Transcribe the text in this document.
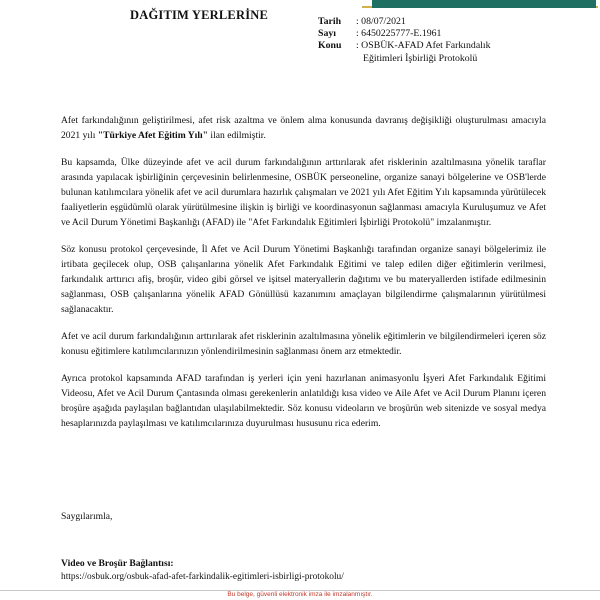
DAĞITIM YERLERİNE	Tarih	: 08/07/2021
Sayı	: 6450225777-E.1961
Konu	: OSBÜK-AFAD Afet Farkındalık
Eğitimleri İşbirliği Protokolü

Afet farkındalığının geliştirilmesi, afet risk azaltma ve önlem alma konusunda davranış değişikliği oluşturulması amacıyla 2021 yılı "Türkiye Afet Eğitim Yılı" ilan edilmiştir.

Bu kapsamda, Ülke düzeyinde afet ve acil durum farkındalığının arttırılarak afet risklerinin azaltılmasına yönelik taraflar arasında yapılacak işbirliğinin çerçevesinin belirlenmesine, OSBÜK perseoneline, organize sanayi bölgelerine ve OSB'lerde bulunan katılımcılara yönelik afet ve acil durumlara hazırlık çalışmaları ve 2021 yılı Afet Eğitim Yılı kapsamında yürütülecek faaliyetlerin eşgüdümlü olarak yürütülmesine ilişkin iş birliği ve koordinasyonun sağlanması amacıyla Kuruluşumuz ve Afet ve Acil Durum Yönetimi Başkanlığı (AFAD) ile "Afet Farkındalık Eğitimleri İşbirliği Protokolü" imzalanmıştır.

Söz konusu protokol çerçevesinde, İl Afet ve Acil Durum Yönetimi Başkanlığı tarafından organize sanayi bölgelerimiz ile irtibata geçilecek olup, OSB çalışanlarına yönelik Afet Farkındalık Eğitimi ve talep edilen diğer eğitimlerin verilmesi, farkındalık arttırıcı afiş, broşür, video gibi görsel ve işitsel materyallerin dağıtımı ve bu materyallerden istifade edilmesinin sağlanması, OSB çalışanlarına yönelik AFAD Gönüllüsü kazanımını amaçlayan bilgilendirme çalışmalarının yürütülmesi sağlanacaktır.

Afet ve acil durum farkındalığının arttırılarak afet risklerinin azaltılmasına yönelik eğitimlerin ve bilgilendirmeleri içeren söz konusu eğitimlere katılımcılarınızın yönlendirilmesinin sağlanması önem arz etmektedir.

Ayrıca protokol kapsamında AFAD tarafından iş yerleri için yeni hazırlanan animasyonlu İşyeri Afet Farkındalık Eğitimi Videosu, Afet ve Acil Durum Çantasında olması gerekenlerin anlatıldığı kısa video ve Aile Afet ve Acil Durum Planını içeren broşüre aşağıda paylaşılan bağlantıdan ulaşılabilmektedir. Söz konusu videoların ve broşürün web sitenizde ve sosyal medya hesaplarınızda paylaşılması ve katılımcılarınıza duyurulması hususunu rica ederim.

Saygılarımla,
Video ve Broşür Bağlantısı:
https://osbuk.org/osbuk-afad-afet-farkindalik-egitimleri-isbirligi-protokolu/
Bu belge, güvenli elektronik imza ile imzalanmıştır.
